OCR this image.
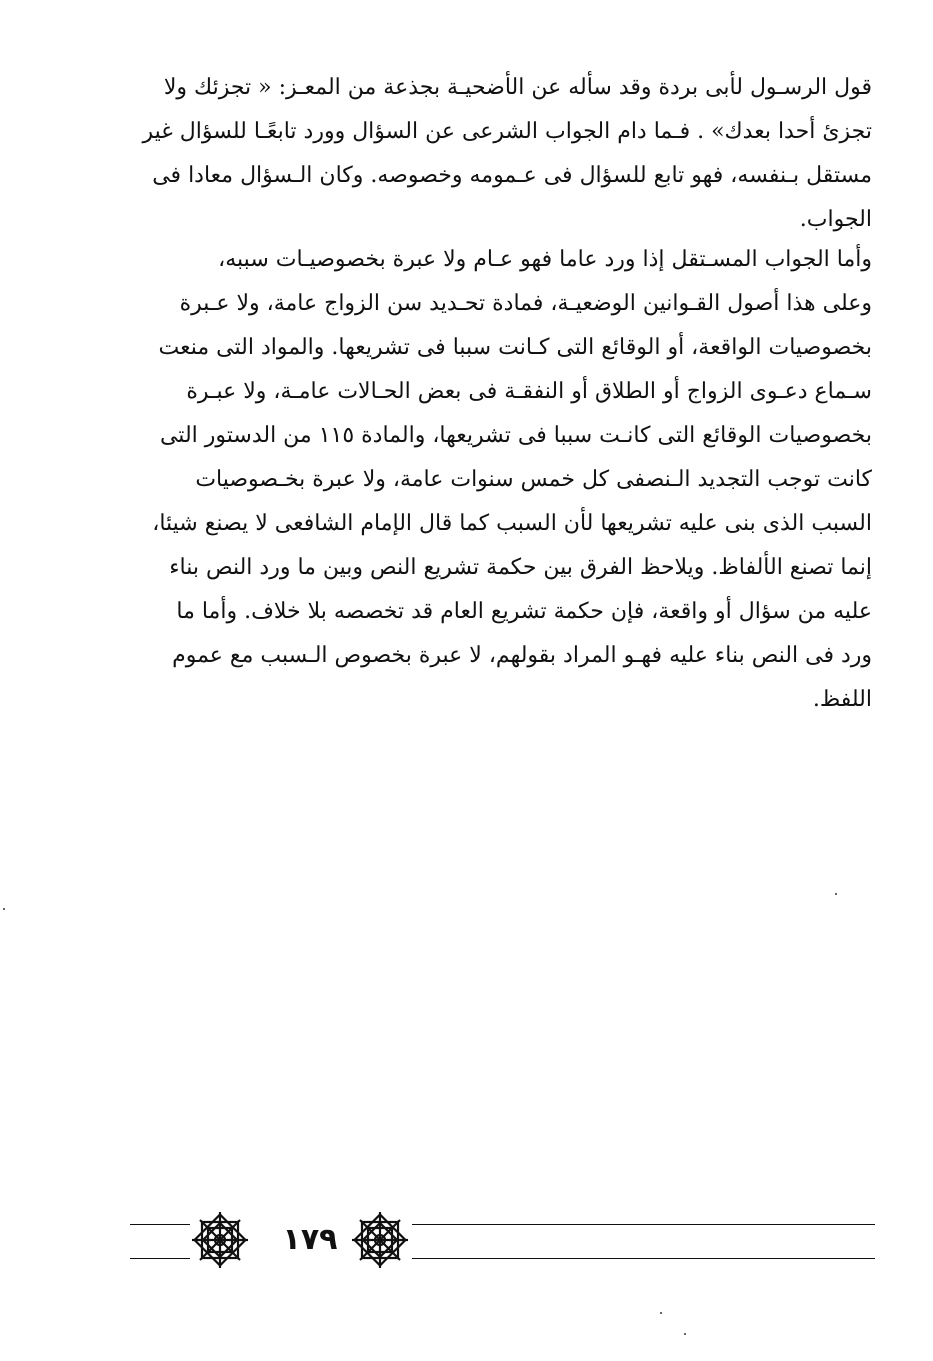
قول الرسـول لأبى بردة وقد سأله عن الأضحيـة بجذعة من المعـز: « تجزئك ولا
تجزئ أحدا بعدك» . فـما دام الجواب الشرعى عن السؤال وورد تابعًـا للسؤال غير
مستقل بـنفسه، فهو تابع للسؤال فى عـمومه وخصوصه. وكان الـسؤال معادا فى
الجواب.
وأما الجواب المسـتقل إذا ورد عاما فهو عـام ولا عبرة بخصوصيـات سببه،
وعلى هذا أصول القـوانين الوضعيـة، فمادة تحـديد سن الزواج عامة، ولا عـبرة
بخصوصيات الواقعة، أو الوقائع التى كـانت سببا فى تشريعها. والمواد التى منعت
سـماع دعـوى الزواج أو الطلاق أو النفقـة فى بعض الحـالات عامـة، ولا عبـرة
بخصوصيات الوقائع التى كانـت سببا فى تشريعها، والمادة ١١٥ من الدستور التى
كانت توجب التجديد الـنصفى كل خمس سنوات عامة، ولا عبرة بخـصوصيات
السبب الذى بنى عليه تشريعها لأن السبب كما قال الإمام الشافعى لا يصنع شيئا،
إنما تصنع الألفاظ. ويلاحظ الفرق بين حكمة تشريع النص وبين ما ورد النص بناء
عليه من سؤال أو واقعة، فإن حكمة تشريع العام قد تخصصه بلا خلاف. وأما ما
ورد فى النص بناء عليه فهـو المراد بقولهم، لا عبرة بخصوص الـسبب مع عموم
اللفظ.
١٧٩
